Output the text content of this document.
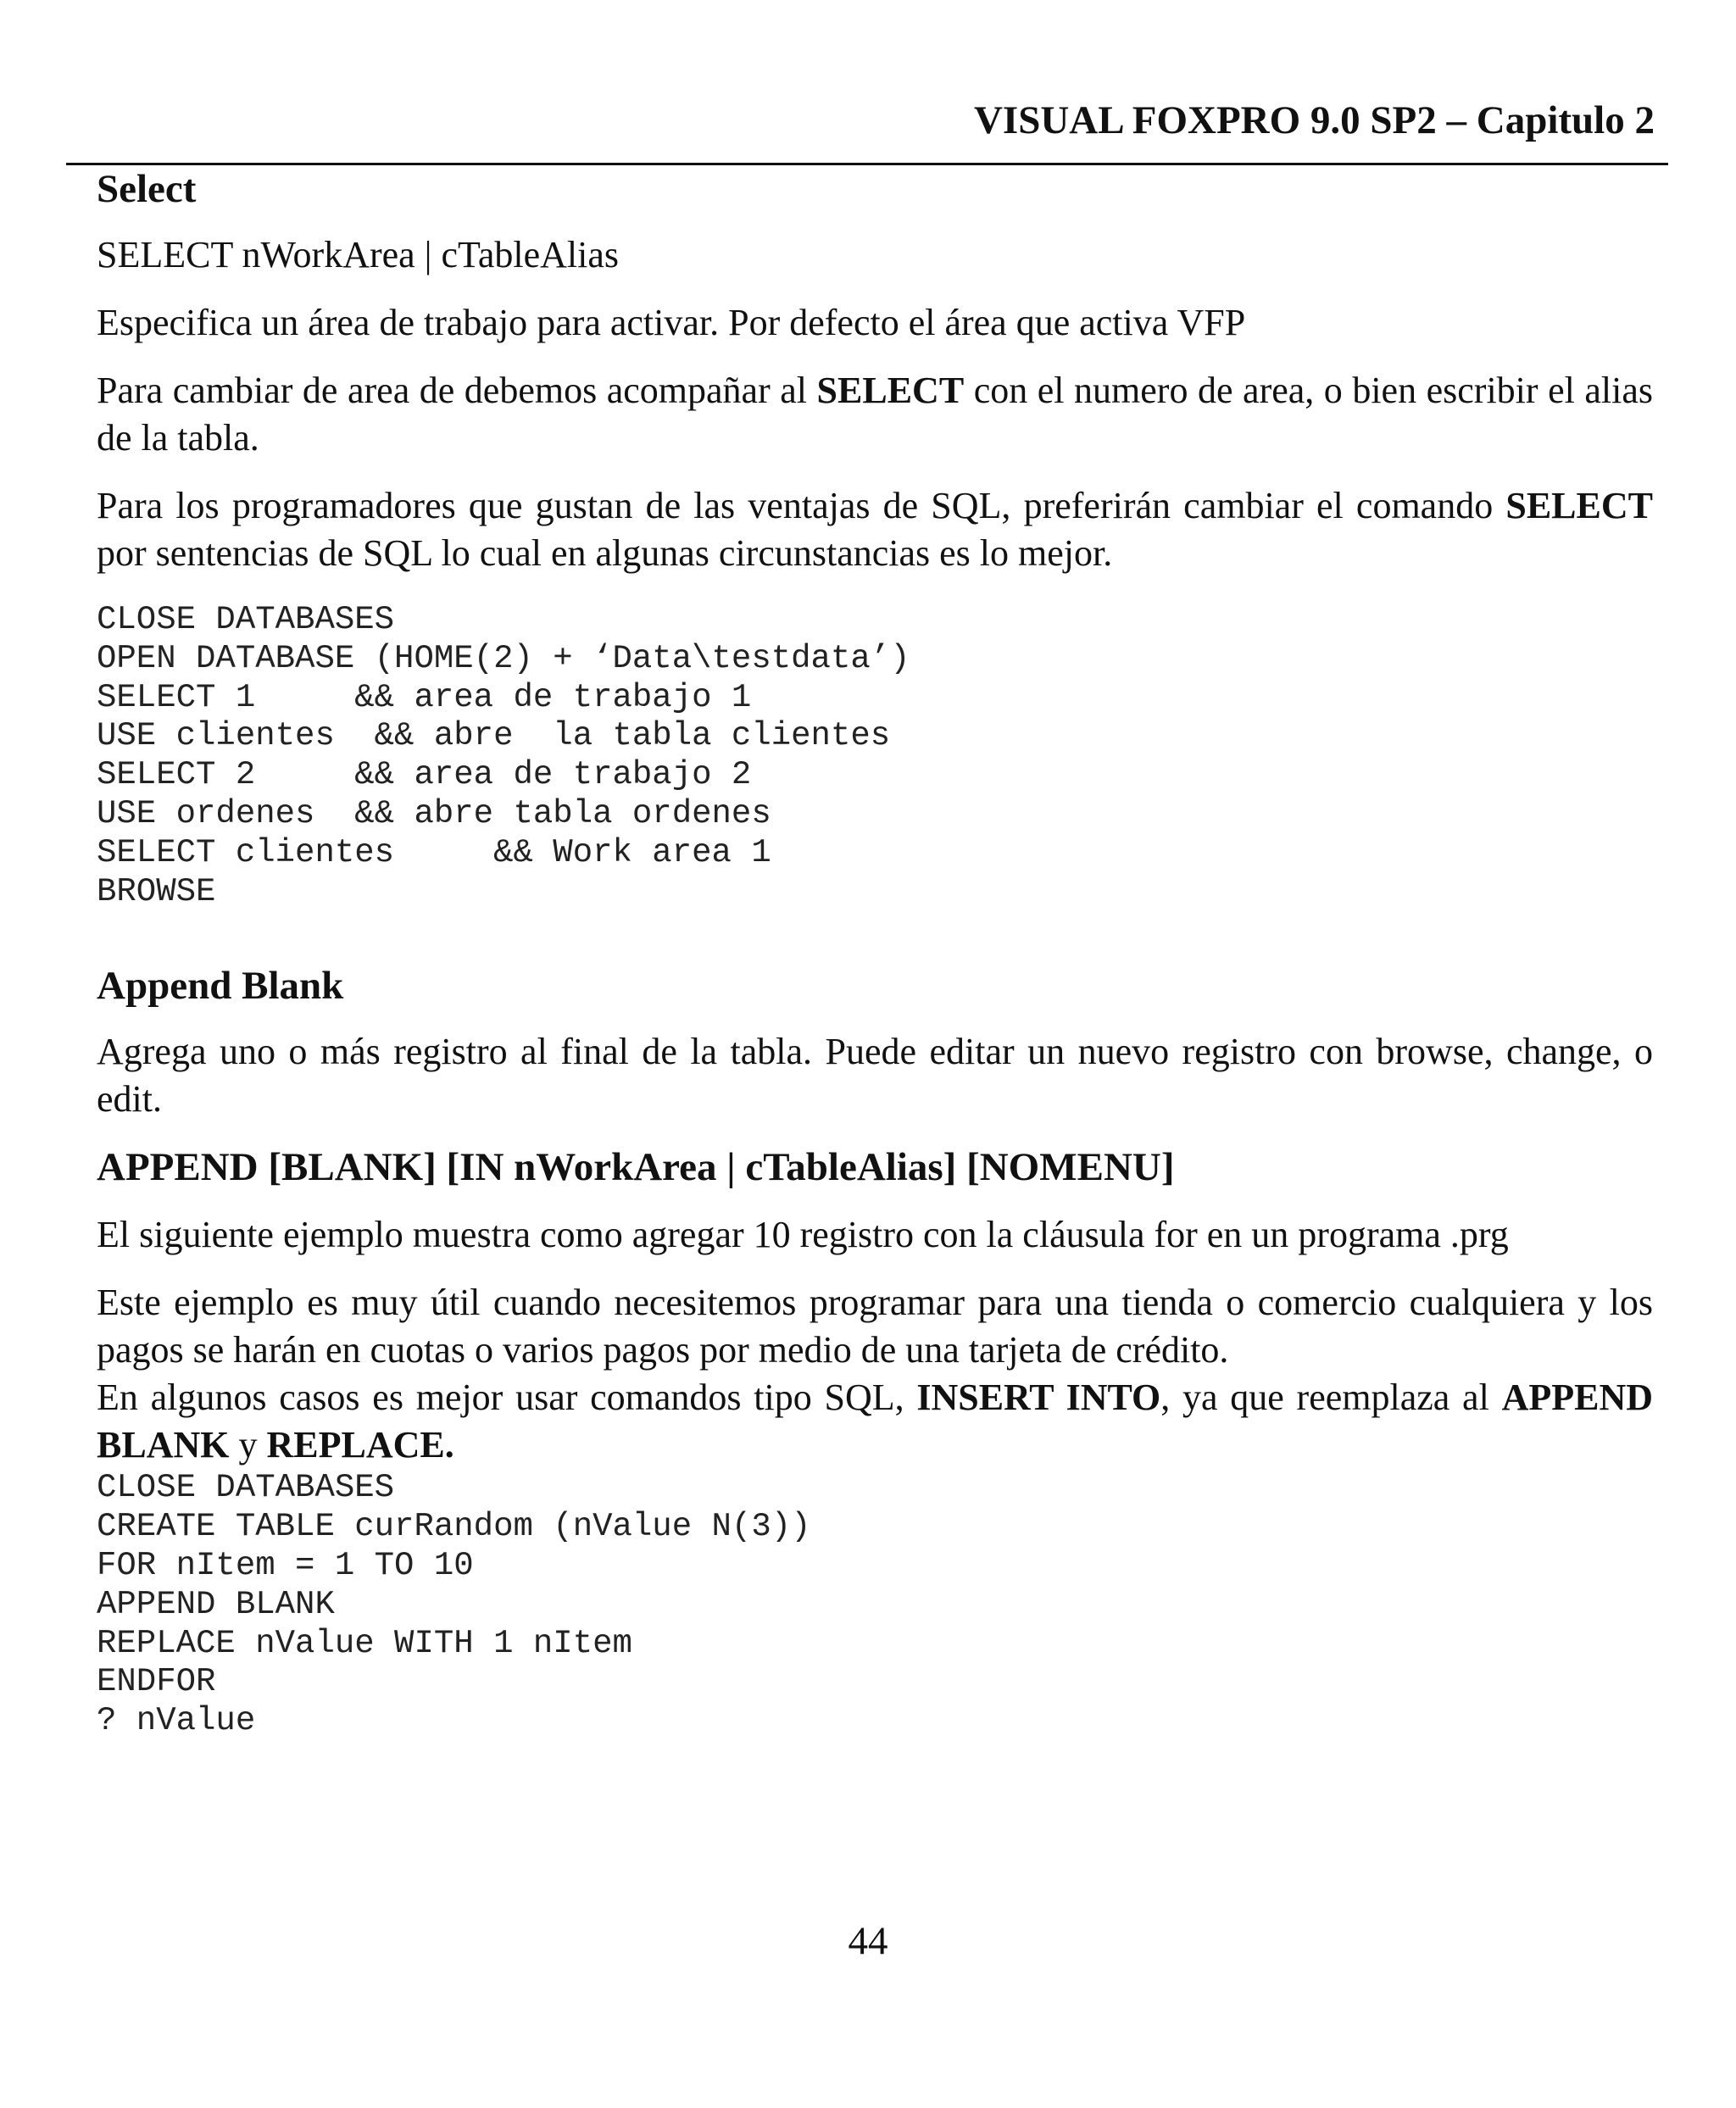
VISUAL FOXPRO 9.0 SP2 – Capitulo 2
Select

SELECT nWorkArea | cTableAlias

Especifica un área de trabajo para activar. Por defecto el área que activa VFP

Para cambiar de area de debemos acompañar al SELECT con el numero de area, o bien escribir el alias de la tabla.

Para los programadores que gustan de las ventajas de SQL, preferirán cambiar el comando SELECT por sentencias de SQL lo cual en algunas circunstancias es lo mejor.

CLOSE DATABASES
OPEN DATABASE (HOME(2) + ‘Data\testdata’)
SELECT 1     && area de trabajo 1
USE clientes  && abre  la tabla clientes
SELECT 2     && area de trabajo 2
USE ordenes  && abre tabla ordenes
SELECT clientes     && Work area 1
BROWSE
Append Blank

Agrega uno o más registro al final de la tabla. Puede editar un nuevo registro con browse, change, o edit.

APPEND [BLANK] [IN nWorkArea | cTableAlias] [NOMENU]

El siguiente ejemplo muestra como agregar 10 registro con la cláusula for en un programa .prg

Este ejemplo es muy útil cuando necesitemos programar para una tienda o comercio cualquiera y los pagos se harán en cuotas o varios pagos por medio de una tarjeta de crédito.

En algunos casos es mejor usar comandos tipo SQL, INSERT INTO, ya que reemplaza al APPEND BLANK y REPLACE.

CLOSE DATABASES
CREATE TABLE curRandom (nValue N(3))
FOR nItem = 1 TO 10
APPEND BLANK
REPLACE nValue WITH 1 nItem
ENDFOR
? nValue
44
